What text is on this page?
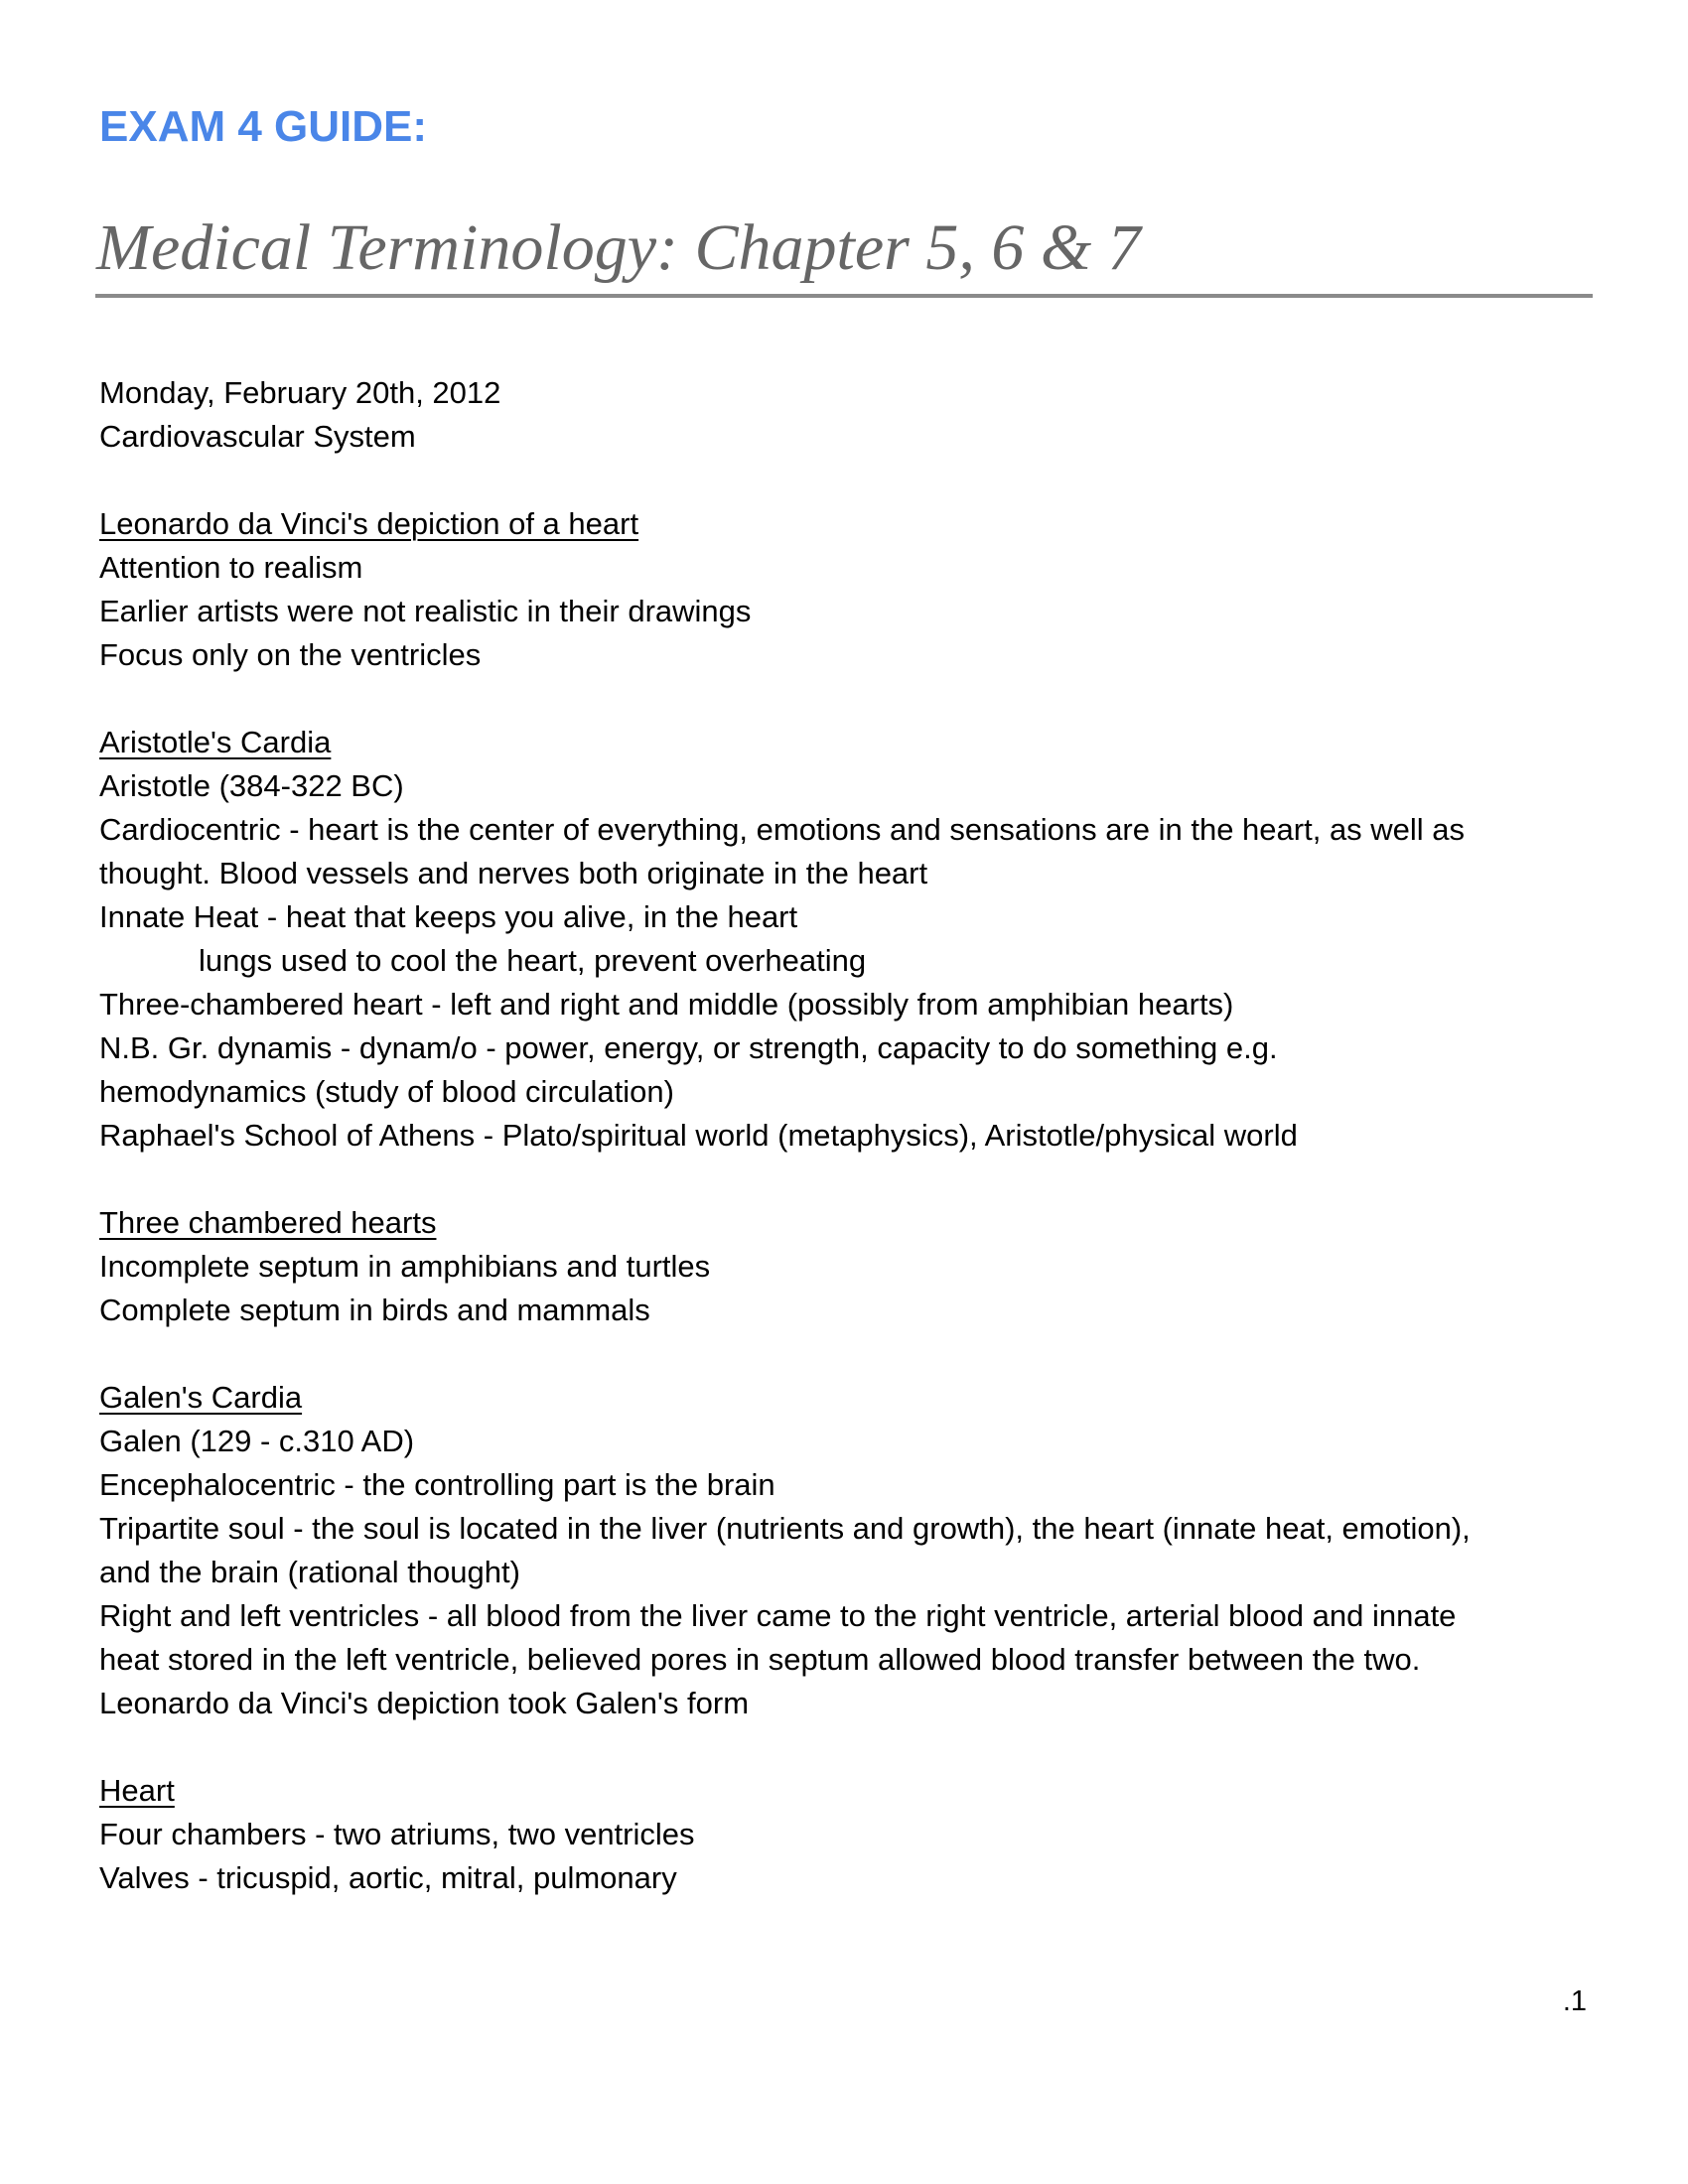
EXAM 4 GUIDE:
Medical Terminology: Chapter 5, 6 & 7
Monday, February 20th, 2012
Cardiovascular System
Leonardo da Vinci's depiction of a heart
Attention to realism
Earlier artists were not realistic in their drawings
Focus only on the ventricles
Aristotle's Cardia
Aristotle (384-322 BC)
Cardiocentric - heart is the center of everything, emotions and sensations are in the heart, as well as
thought. Blood vessels and nerves both originate in the heart
Innate Heat - heat that keeps you alive, in the heart
lungs used to cool the heart, prevent overheating
Three-chambered heart - left and right and middle (possibly from amphibian hearts)
N.B. Gr. dynamis - dynam/o - power, energy, or strength, capacity to do something e.g.
hemodynamics (study of blood circulation)
Raphael's School of Athens - Plato/spiritual world (metaphysics), Aristotle/physical world
Three chambered hearts
Incomplete septum in amphibians and turtles
Complete septum in birds and mammals
Galen's Cardia
Galen (129 - c.310 AD)
Encephalocentric - the controlling part is the brain
Tripartite soul - the soul is located in the liver (nutrients and growth), the heart (innate heat, emotion),
and the brain (rational thought)
Right and left ventricles - all blood from the liver came to the right ventricle, arterial blood and innate
heat stored in the left ventricle, believed pores in septum allowed blood transfer between the two.
Leonardo da Vinci's depiction took Galen's form
Heart
Four chambers - two atriums, two ventricles
Valves - tricuspid, aortic, mitral, pulmonary
.1
